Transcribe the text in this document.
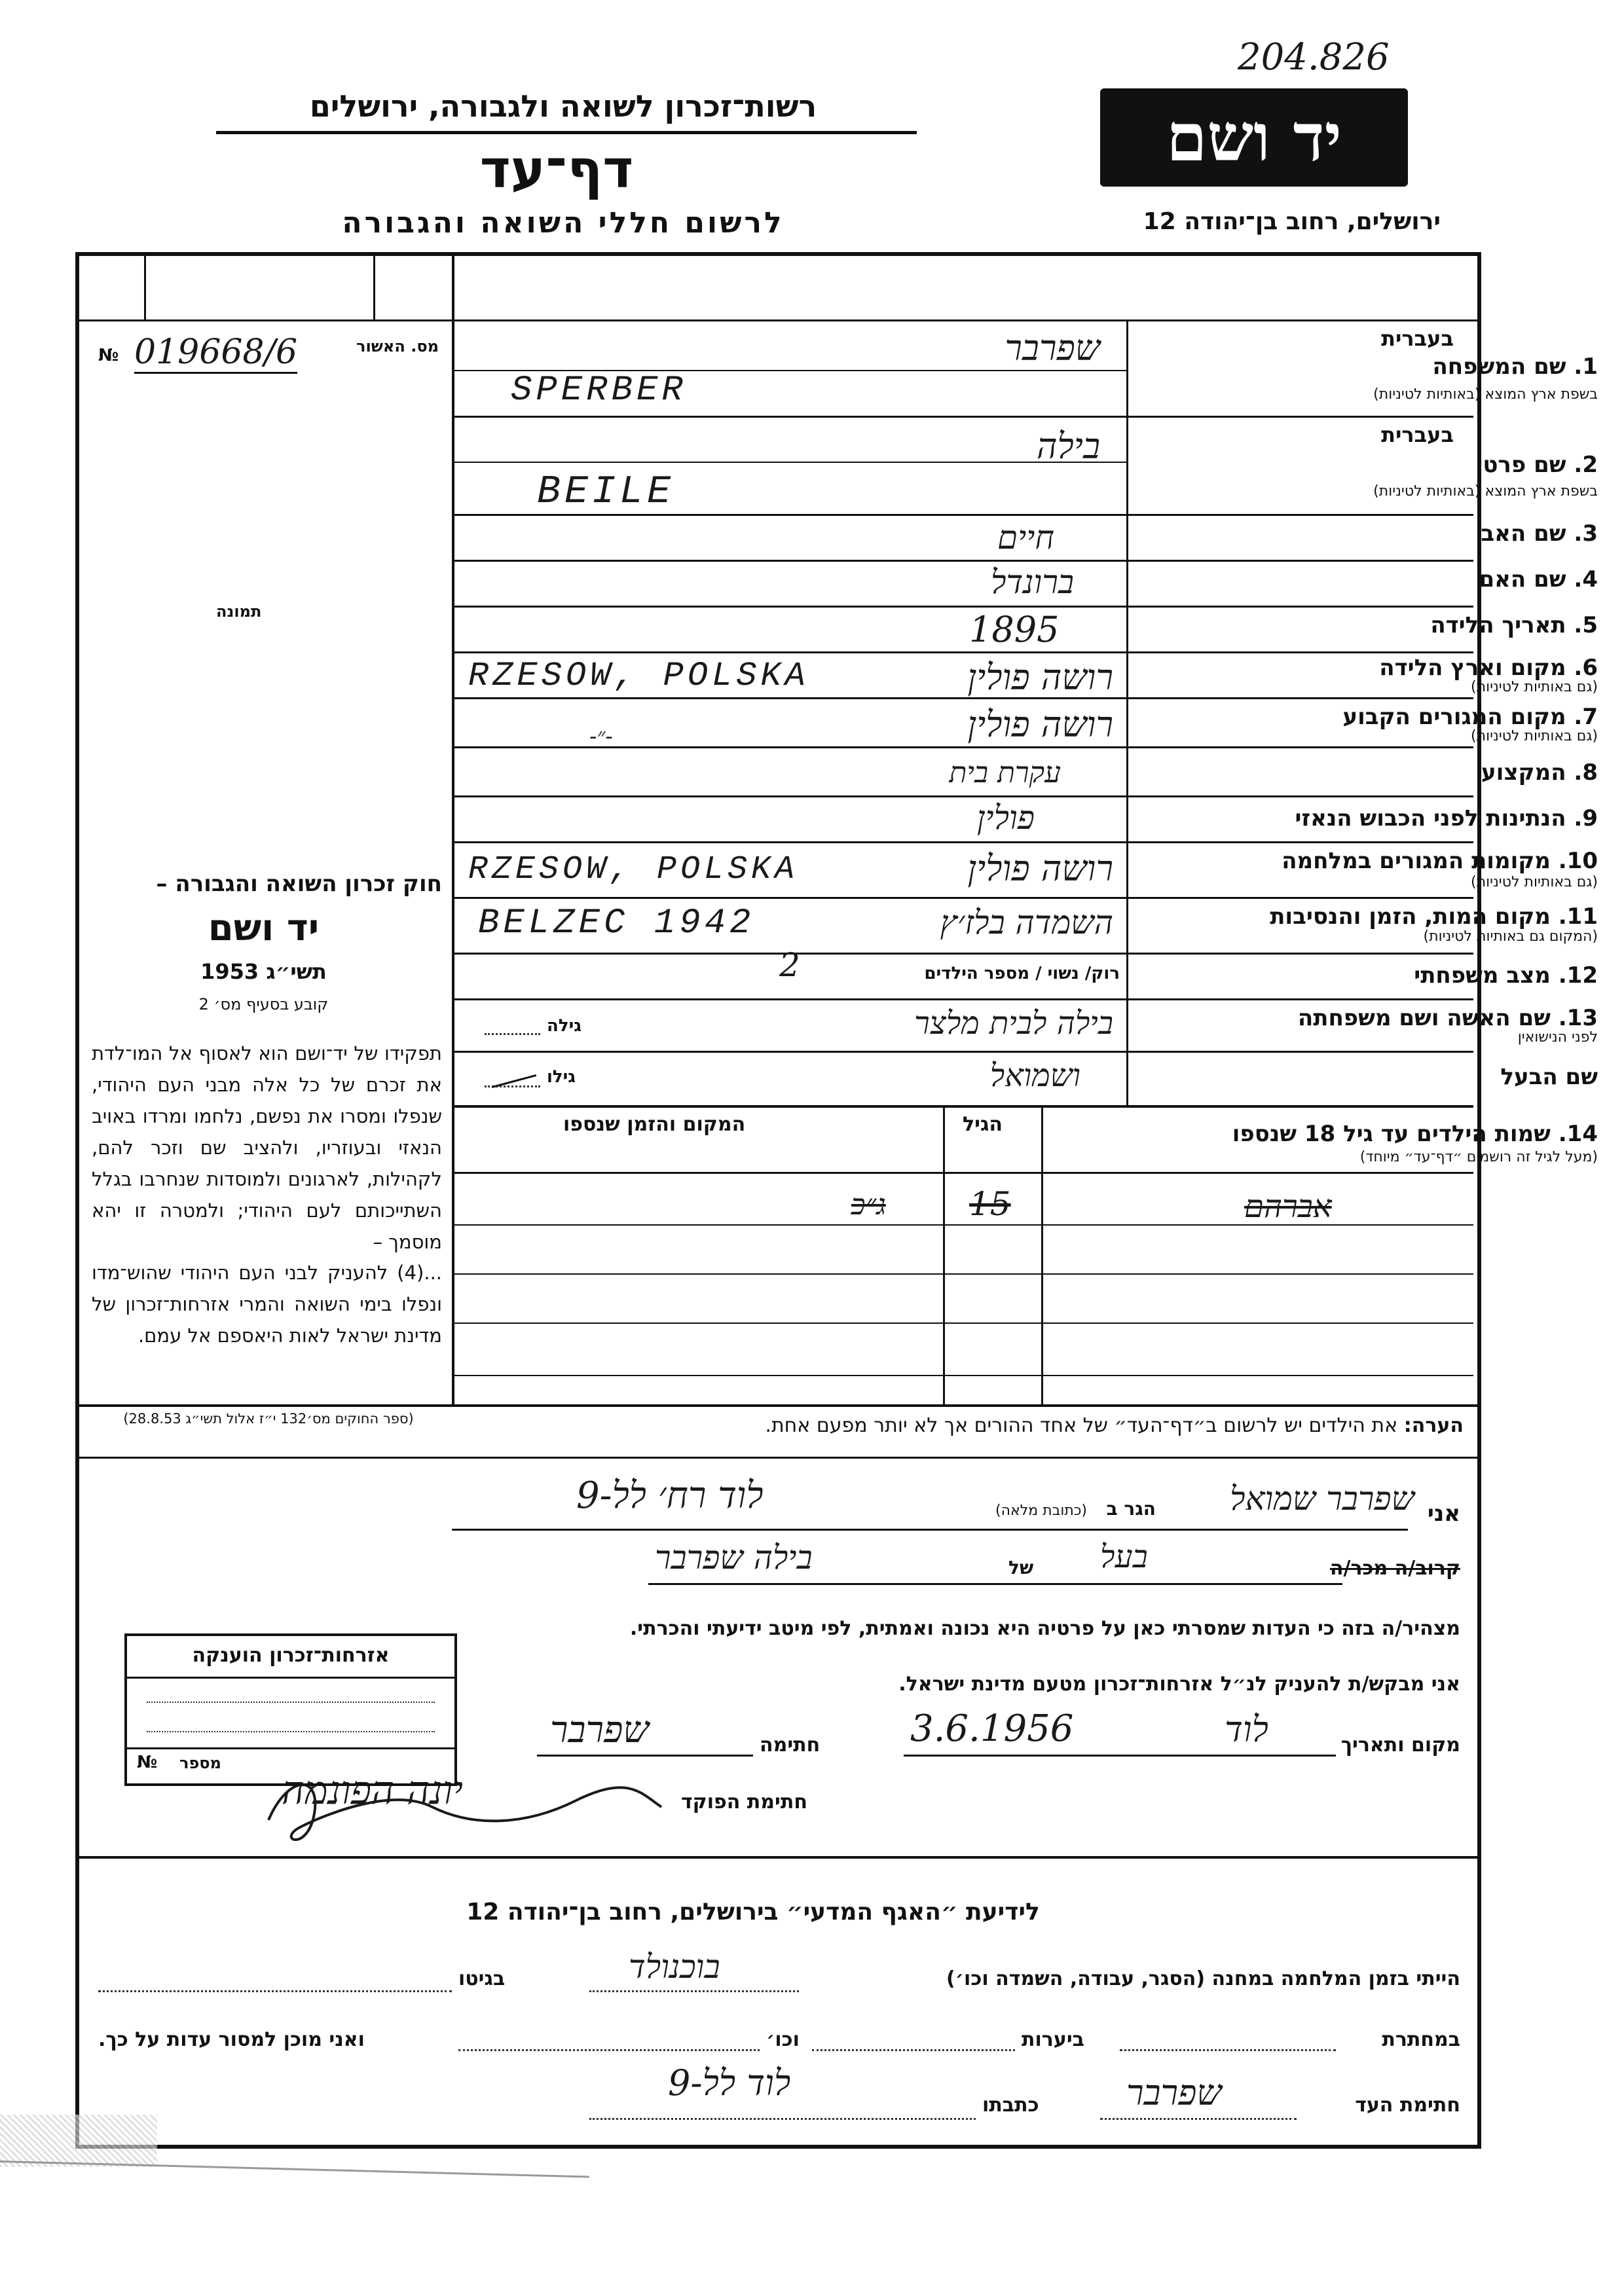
204.826
רשות־זכרון לשואה ולגבורה, ירושלים
דף־עד
לרשום חללי השואה והגבורה
יד ושם
ירושלים, רחוב בן־יהודה 12
מס. האשור
№ 019668/6
תמונה
חוק זכרון השואה והגבורה –
יד ושם
תשי״ג 1953
קובע בסעיף מס׳ 2
תפקידו של יד־ושם הוא לאסוף אל המו־לדת את זכרם של כל אלה מבני העם היהודי, שנפלו ומסרו את נפשם, נלחמו ומרדו באויב הנאזי ובעוזריו, ולהציב שם וזכר להם, לקהילות, לארגונים ולמוסדות שנחרבו בגלל השתייכותם לעם היהודי; ולמטרה זו יהא מוסמך –
...(4) להעניק לבני העם היהודי שהוש־מדו ונפלו בימי השואה והמרי אזרחות־זכרון של מדינת ישראל לאות היאספם אל עמם.
(ספר החוקים מס׳132 י״ז אלול תשי״ג 28.8.53)
בעברית
1. שם המשפחה
בשפת ארץ המוצא (באותיות לטיניות)
שפרבר
SPERBER
בעברית
2. שם פרטי
בשפת ארץ המוצא (באותיות לטיניות)
בילה
BEILE
3. שם האב
חיים
4. שם האם
ברונדל
5. תאריך הלידה
1895
6. מקום וארץ הלידה
(גם באותיות לטיניות)
רושה פולין
RZESOW, POLSKA
7. מקום המגורים הקבוע
(גם באותיות לטיניות)
רושה פולין
-״-
8. המקצוע
עקרת בית
9. הנתינות לפני הכבוש הנאזי
פולין
10. מקומות המגורים במלחמה
(גם באותיות לטיניות)
רושה פולין
RZESOW, POLSKA
11. מקום המות, הזמן והנסיבות
(המקום גם באותיות לטיניות)
השמדה בלז׳ץ
BELZEC 1942
12. מצב משפחתי
רוק/ נשוי / מספר הילדים
2
13. שם האשה ושם משפחתה
לפני הנישואין
גילה	בילה לבית מלצר
שם הבעל
גילו	ושמואל
14. שמות הילדים עד גיל 18 שנספו
(מעל לגיל זה רושמים ״דף־עד״ מיוחד)
הגיל
המקום והזמן שנספו
אברהם
15
ג״כ
הערה: את הילדים יש לרשום ב״דף־העד״ של אחד ההורים אך לא יותר מפעם אחת.
אני
שפרבר שמואל
הגר ב
(כתובת מלאה)
לוד רח׳ לל-9
קרוב/ה מכר/ה
בעל
של
בילה שפרבר
מצהיר/ה בזה כי העדות שמסרתי כאן על פרטיה היא נכונה ואמתית, לפי מיטב ידיעתי והכרתי.
אני מבקש/ת להעניק לנ״ל אזרחות־זכרון מטעם מדינת ישראל.
מקום ותאריך
לוד
3.6.1956
חתימה
שפרבר
חתימת הפוקד
יונה הפונמה
אזרחות־זכרון הוענקה
מספר
№
לידיעת ״האגף המדעי״ בירושלים, רחוב בן־יהודה 12
הייתי בזמן המלחמה במחנה (הסגר, עבודה, השמדה וכו׳)
בוכנולד
בגיטו
במחתרת
ביערות
וכו׳
ואני מוכן למסור עדות על כך.
חתימת העד
שפרבר
כתבתו
לוד לל-9
